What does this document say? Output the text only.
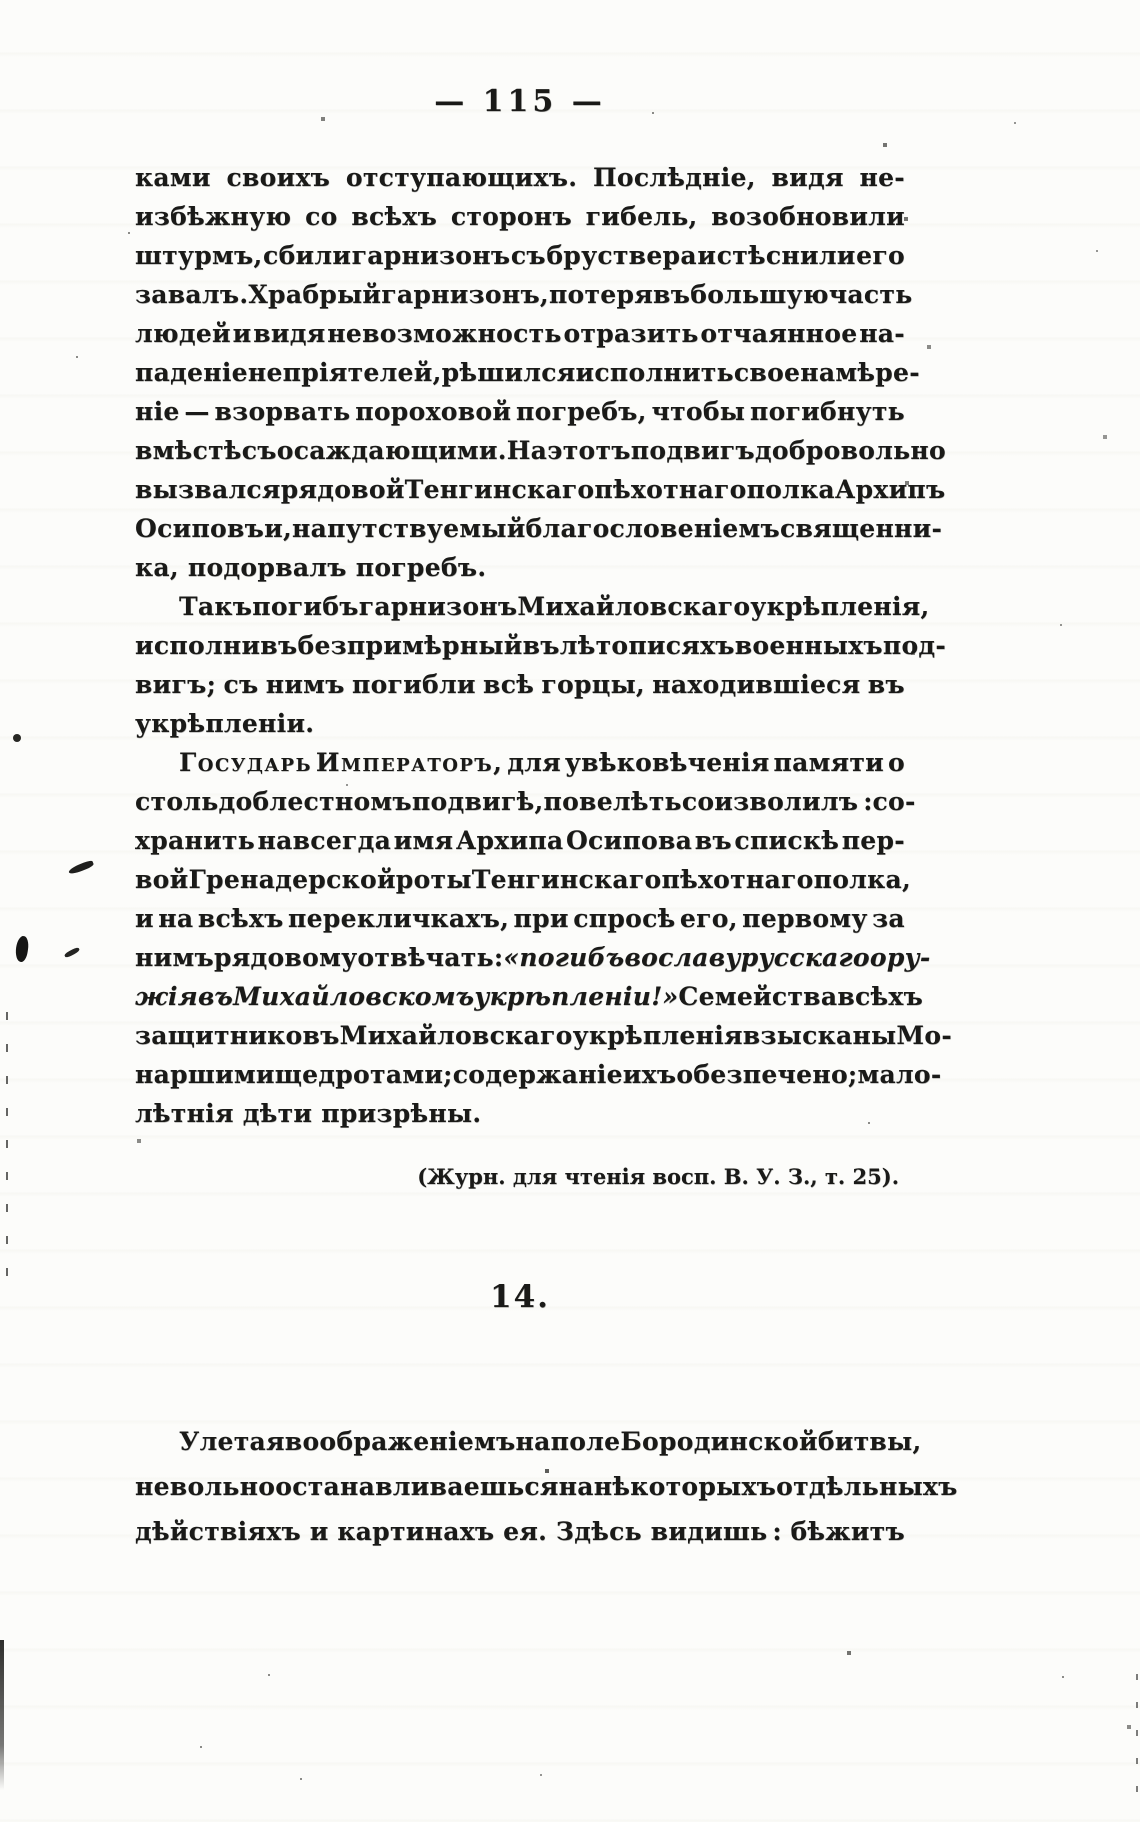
— 115 —
ками своихъ отступающихъ. Послѣдніе, видя не-
избѣжную со всѣхъ сторонъ гибель, возобновили
штурмъ, сбили гарнизонъ съ бруствера и стѣснили его
за валъ. Храбрый гарнизонъ, потерявъ большую часть
людей и видя невозможность отразить отчаянное на-
паденіе непріятелей, рѣшился исполнить свое намѣре-
ніе — взорвать пороховой погребъ, чтобы погибнуть
вмѣстѣ съ осаждающими. На этотъ подвигъ добровольно
вызвался рядовой Тенгинскаго пѣхотнаго полка Архипъ
Осиповъ и, напутствуемый благословеніемъ священни-
ка, подорвалъ погребъ.
Такъ погибъ гарнизонъ Михайловскаго укрѣпленія,
исполнивъ безпримѣрный въ лѣтописяхъ военныхъ под-
вигъ; съ нимъ погибли всѣ горцы, находившіеся въ
укрѣпленіи.
Государь Императоръ, для увѣковѣченія памяти о
столь доблестномъ подвигѣ, повелѣть соизволилъ : со-
хранить навсегда имя Архипа Осипова въ спискѣ пер-
вой Гренадерской роты Тенгинскаго пѣхотнаго полка,
и на всѣхъ перекличкахъ, при спросѣ его, первому за
нимъ рядовому отвѣчать: «погибъ во славу русскаго ору-
жія въ Михайловскомъ укрѣпленіи!» Семейства всѣхъ
защитниковъ Михайловскаго укрѣпленія взысканы Мо-
наршими щедротами; содержаніе ихъ обезпечено; мало-
лѣтнія дѣти призрѣны.
(Журн. для чтенія восп. В. У. З., т. 25).
14.
Улетая воображеніемъ на поле Бородинской битвы,
невольно останавливаешься на нѣкоторыхъ отдѣльныхъ
дѣйствіяхъ и картинахъ ея. Здѣсь видишь : бѣжитъ
